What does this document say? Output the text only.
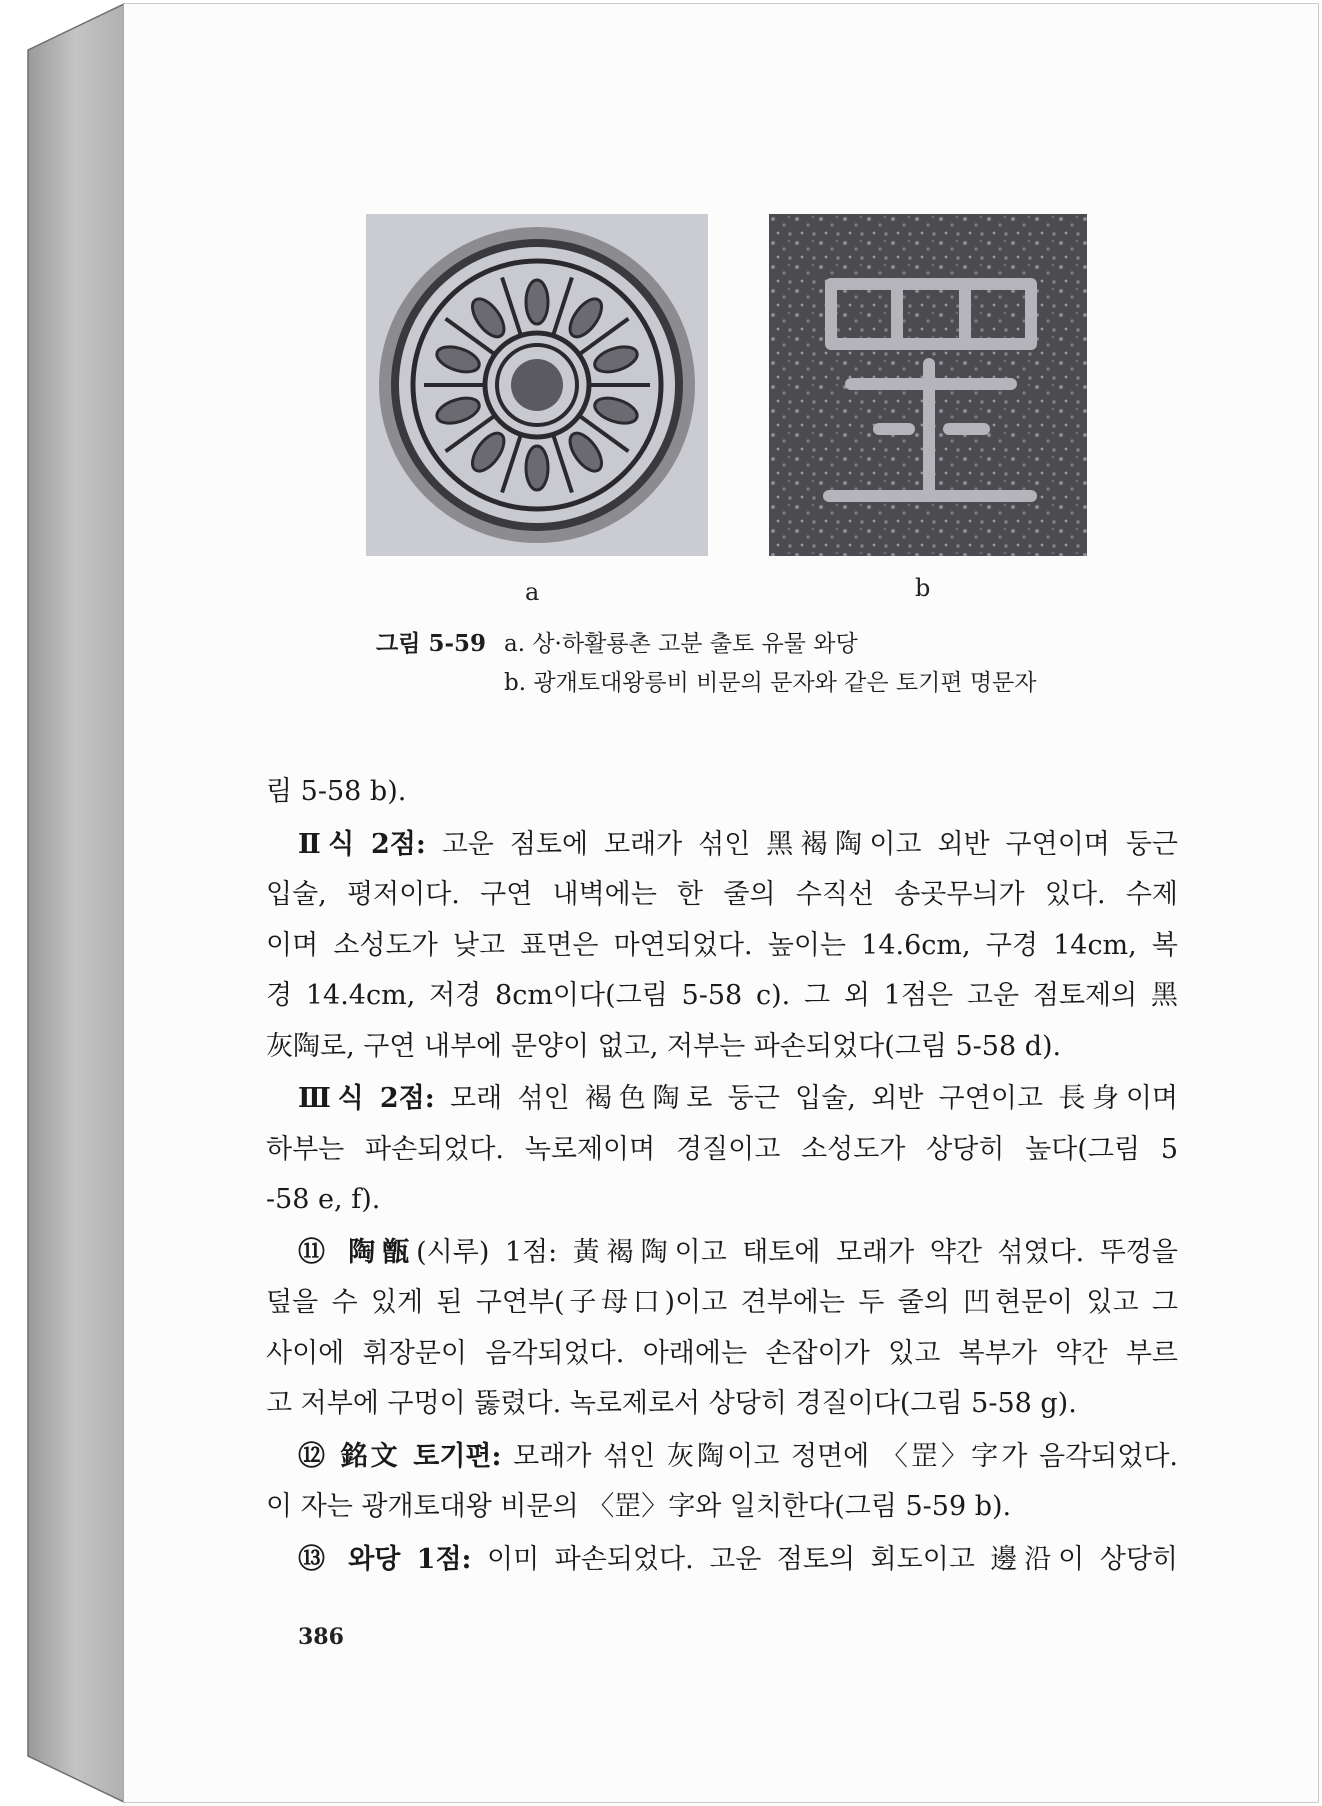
a	b
그림 5-59 a. 상·하활룡촌 고분 출토 유물 와당
b. 광개토대왕릉비 비문의 문자와 같은 토기편 명문자
림 5-58 b).
Ⅱ식 2점: 고운 점토에 모래가 섞인 黑褐陶이고 외반 구연이며 둥근
입술, 평저이다. 구연 내벽에는 한 줄의 수직선 송곳무늬가 있다. 수제
이며 소성도가 낮고 표면은 마연되었다. 높이는 14.6cm, 구경 14cm, 복
경 14.4cm, 저경 8cm이다(그림 5-58 c). 그 외 1점은 고운 점토제의 黑
灰陶로, 구연 내부에 문양이 없고, 저부는 파손되었다(그림 5-58 d).
Ⅲ식 2점: 모래 섞인 褐色陶로 둥근 입술, 외반 구연이고 長身이며
하부는 파손되었다. 녹로제이며 경질이고 소성도가 상당히 높다(그림 5
-58 e, f).
⑪ 陶甑(시루) 1점: 黃褐陶이고 태토에 모래가 약간 섞였다. 뚜껑을
덮을 수 있게 된 구연부(子母口)이고 견부에는 두 줄의 凹현문이 있고 그
사이에 휘장문이 음각되었다. 아래에는 손잡이가 있고 복부가 약간 부르
고 저부에 구멍이 뚫렸다. 녹로제로서 상당히 경질이다(그림 5-58 g).
⑫ 銘文 토기편: 모래가 섞인 灰陶이고 정면에 〈罡〉字가 음각되었다.
이 자는 광개토대왕 비문의 〈罡〉字와 일치한다(그림 5-59 b).
⑬ 와당 1점: 이미 파손되었다. 고운 점토의 회도이고 邊沿이 상당히
386
